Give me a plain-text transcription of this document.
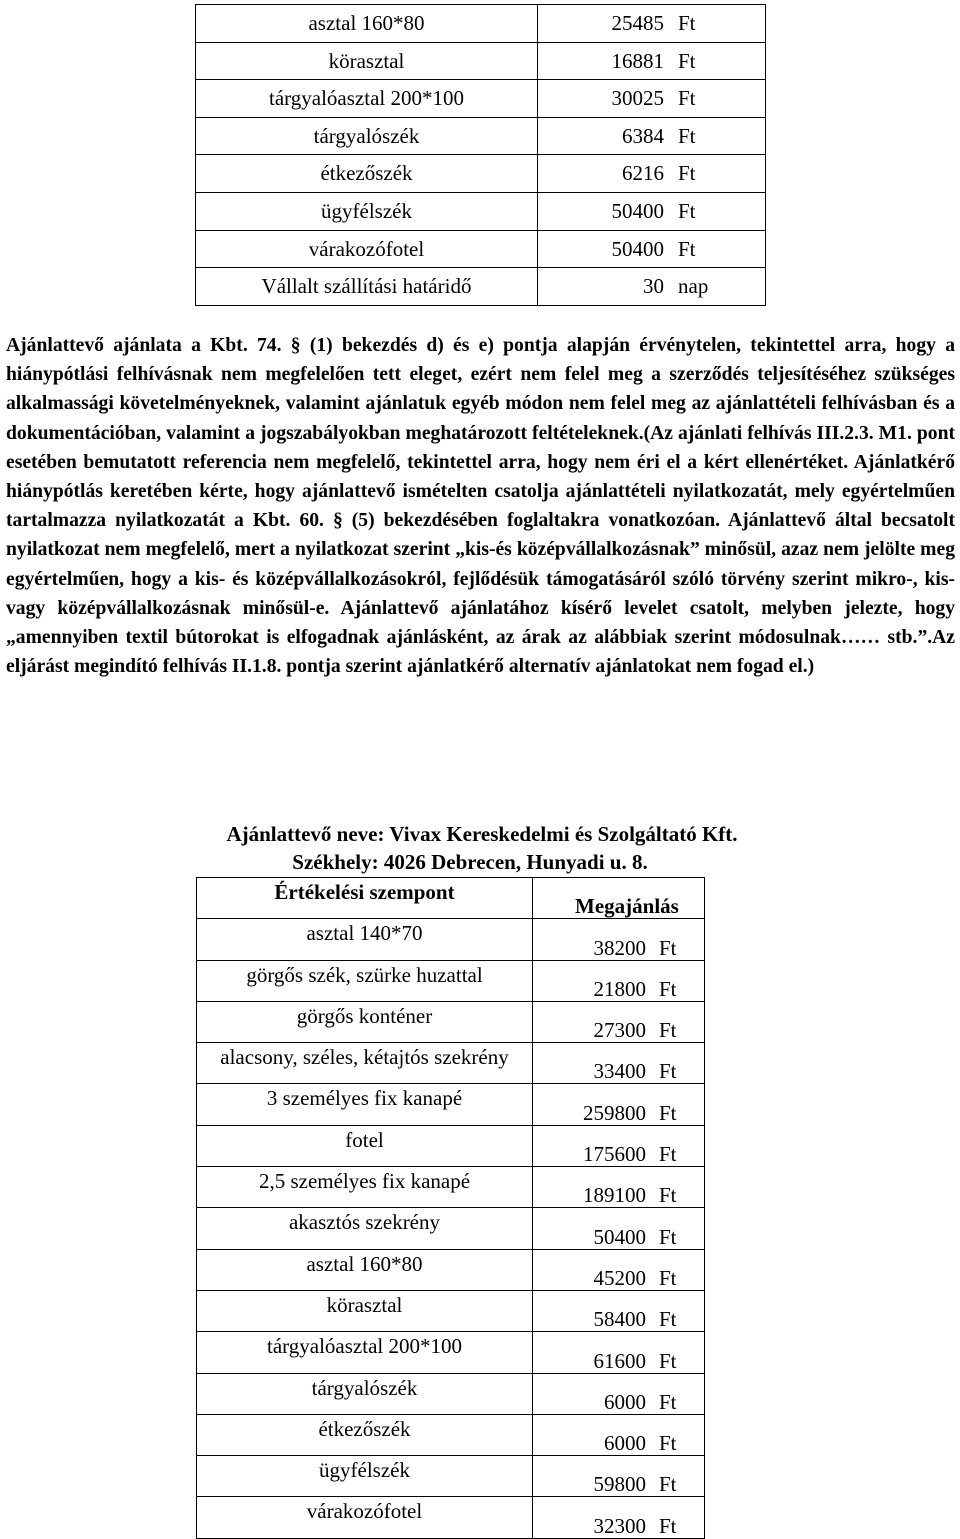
asztal 160*80	25485 Ft
körasztal	16881 Ft
tárgyalóasztal 200*100	30025 Ft
tárgyalószék	6384 Ft
étkezőszék	6216 Ft
ügyfélszék	50400 Ft
várakozófotel	50400 Ft
Vállalt szállítási határidő	30 nap

Ajánlattevő ajánlata a Kbt. 74. § (1) bekezdés d) és e) pontja alapján érvénytelen, tekintettel arra, hogy a hiánypótlási felhívásnak nem megfelelően tett eleget, ezért nem felel meg a szerződés teljesítéséhez szükséges alkalmassági követelményeknek, valamint ajánlatuk egyéb módon nem felel meg az ajánlattételi felhívásban és a dokumentációban, valamint a jogszabályokban meghatározott feltételeknek.(Az ajánlati felhívás III.2.3. M1. pont esetében bemutatott referencia nem megfelelő, tekintettel arra, hogy nem éri el a kért ellenértéket. Ajánlatkérő hiánypótlás keretében kérte, hogy ajánlattevő ismételten csatolja ajánlattételi nyilatkozatát, mely egyértelműen tartalmazza nyilatkozatát a Kbt. 60. § (5) bekezdésében foglaltakra vonatkozóan. Ajánlattevő által becsatolt nyilatkozat nem megfelelő, mert a nyilatkozat szerint „kis-és középvállalkozásnak” minősül, azaz nem jelölte meg egyértelműen, hogy a kis- és középvállalkozásokról, fejlődésük támogatásáról szóló törvény szerint mikro-, kis- vagy középvállalkozásnak minősül-e. Ajánlattevő ajánlatához kísérő levelet csatolt, melyben jelezte, hogy „amennyiben textil bútorokat is elfogadnak ajánlásként, az árak az alábbiak szerint módosulnak…… stb.”.Az eljárást megindító felhívás II.1.8. pontja szerint ajánlatkérő alternatív ajánlatokat nem fogad el.)

Ajánlattevő neve: Vivax Kereskedelmi és Szolgáltató Kft.
Székhely: 4026 Debrecen, Hunyadi u. 8.
Értékelési szempont	Megajánlás
asztal 140*70	38200 Ft
görgős szék, szürke huzattal	21800 Ft
görgős konténer	27300 Ft
alacsony, széles, kétajtós szekrény	33400 Ft
3 személyes fix kanapé	259800 Ft
fotel	175600 Ft
2,5 személyes fix kanapé	189100 Ft
akasztós szekrény	50400 Ft
asztal 160*80	45200 Ft
körasztal	58400 Ft
tárgyalóasztal 200*100	61600 Ft
tárgyalószék	6000 Ft
étkezőszék	6000 Ft
ügyfélszék	59800 Ft
várakozófotel	32300 Ft
